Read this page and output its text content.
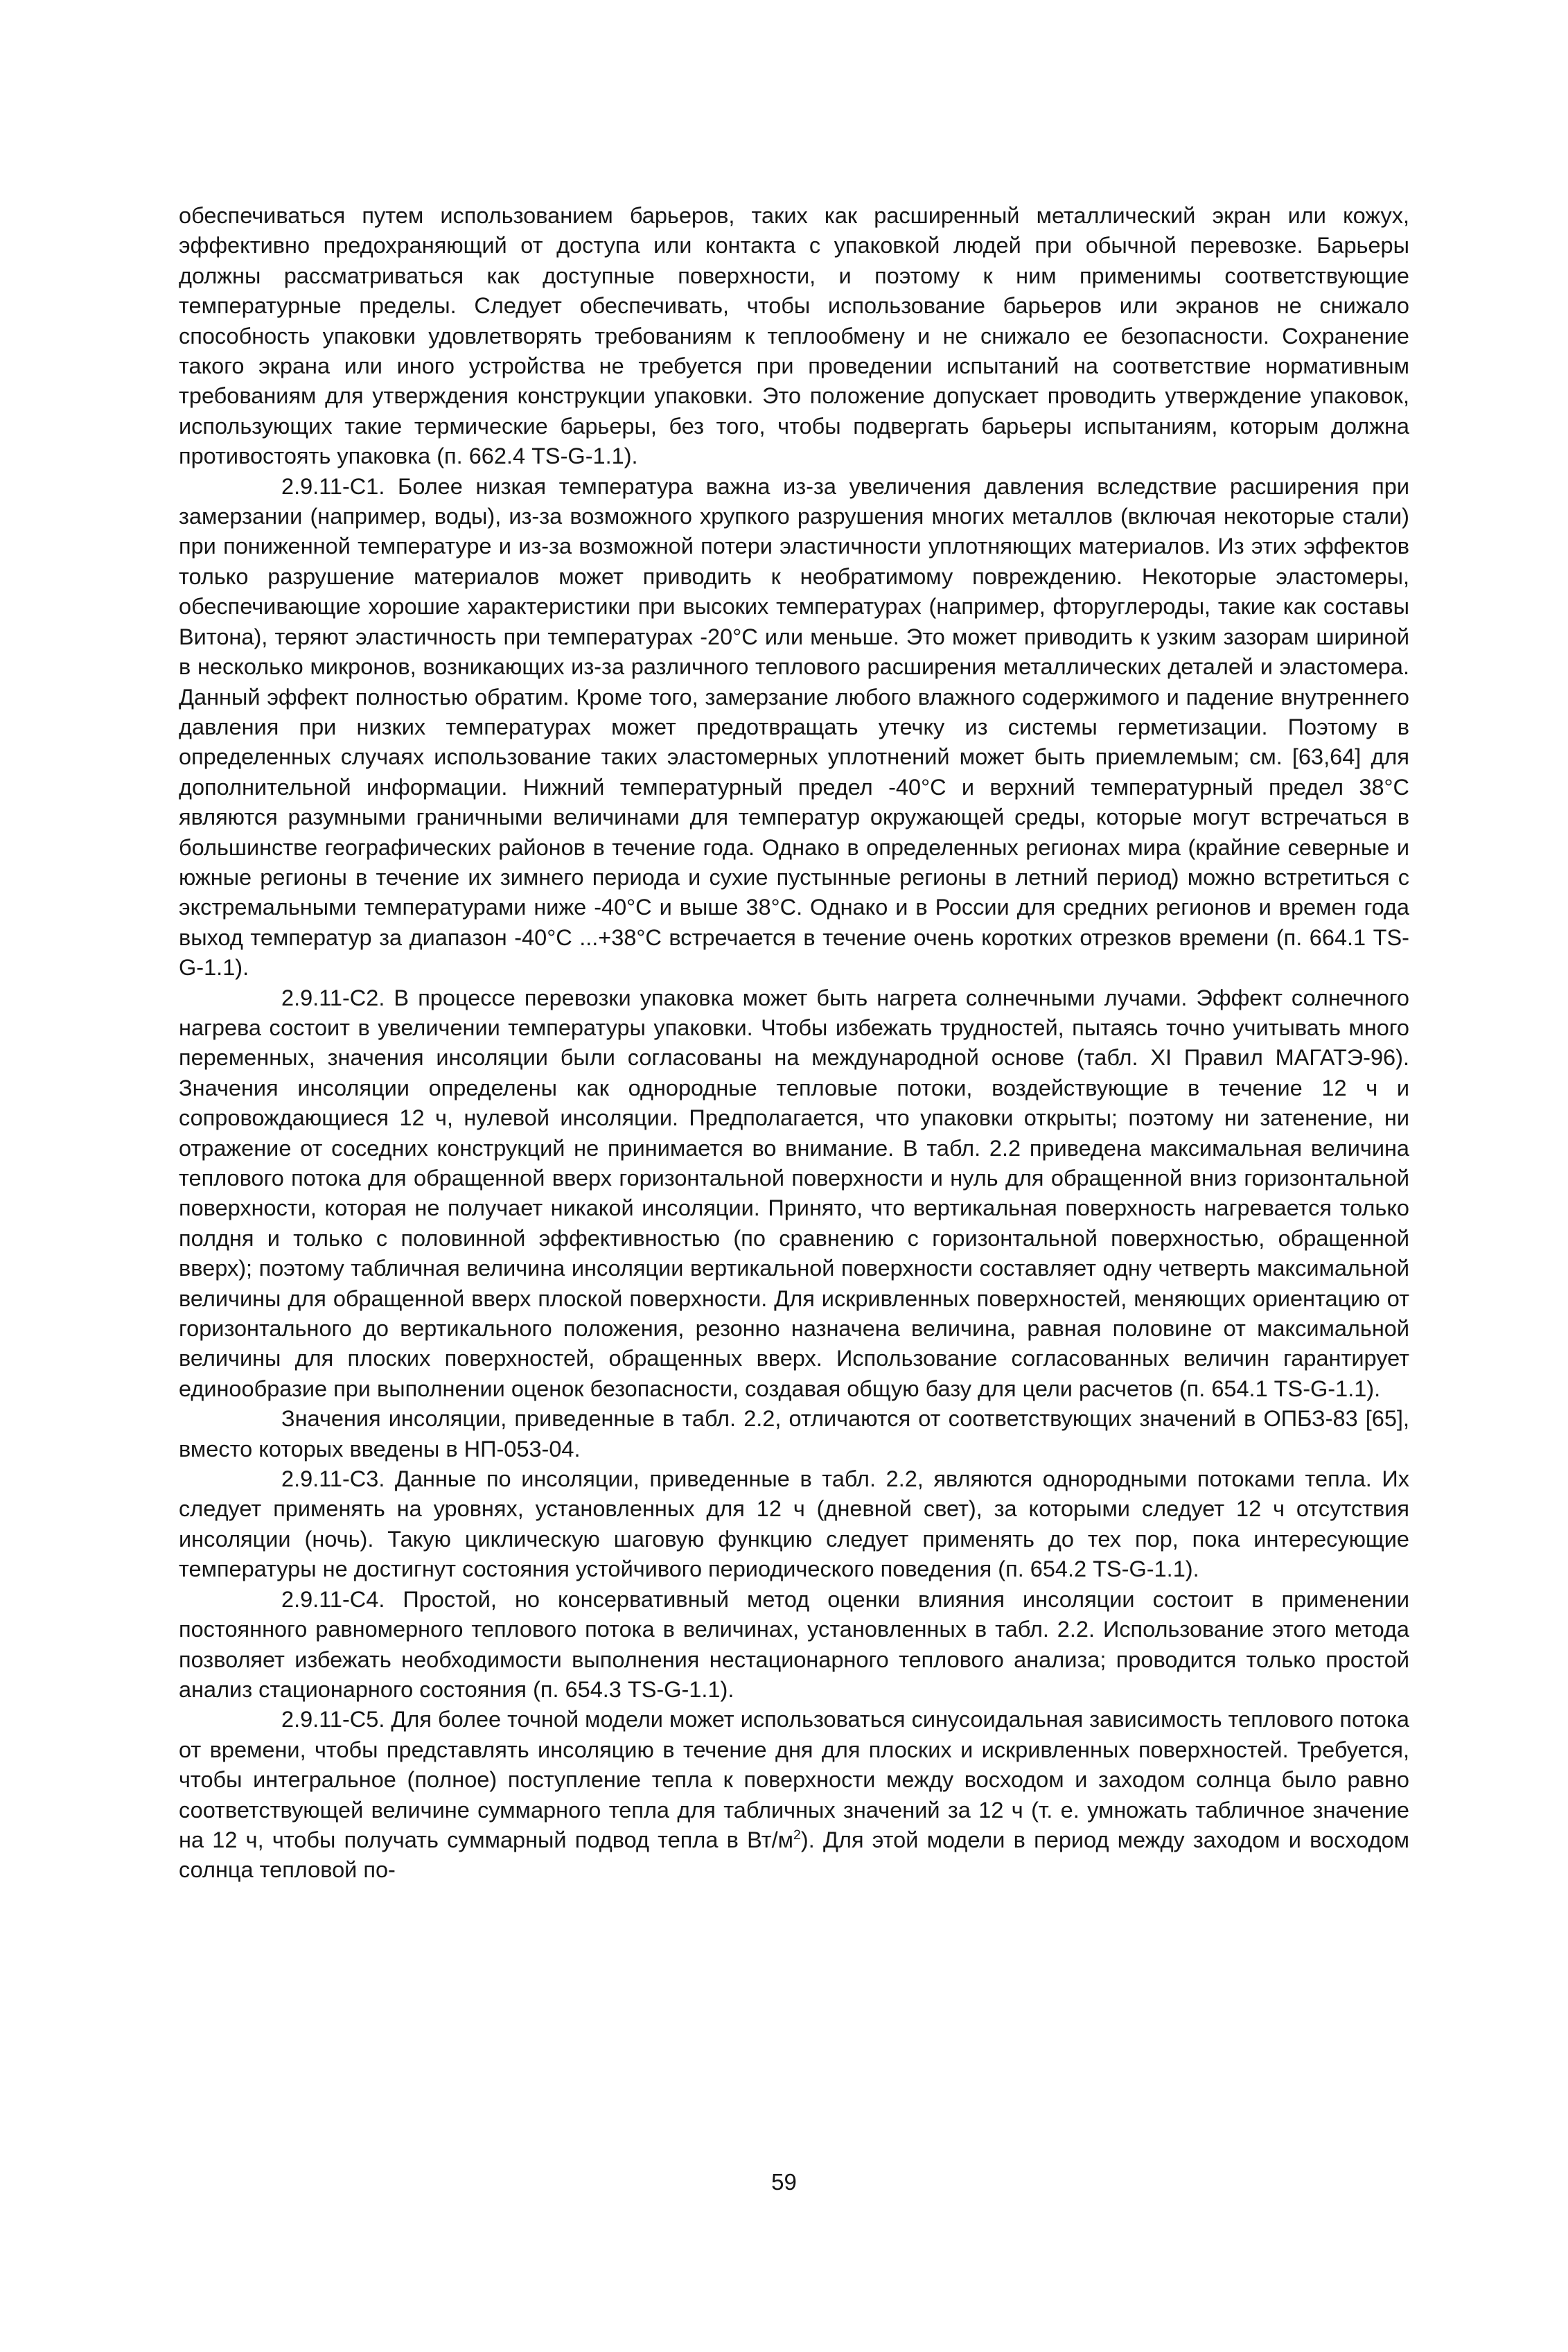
обеспечиваться путем использованием барьеров, таких как расширенный металлический экран или кожух, эффективно предохраняющий от доступа или контакта с упаковкой людей при обычной перевозке. Барьеры должны рассматриваться как доступные поверхности, и поэтому к ним применимы соответствующие температурные пределы. Следует обеспечивать, чтобы использование барьеров или экранов не снижало способность упаковки удовлетворять требованиям к теплообмену и не снижало ее безопасности. Сохранение такого экрана или иного устройства не требуется при проведении испытаний на соответствие нормативным требованиям для утверждения конструкции упаковки. Это положение допускает проводить утверждение упаковок, использующих такие термические барьеры, без того, чтобы подвергать барьеры испытаниям, которым должна противостоять упаковка (п. 662.4 TS-G-1.1).

2.9.11-С1. Более низкая температура важна из-за увеличения давления вследствие расширения при замерзании (например, воды), из-за возможного хрупкого разрушения многих металлов (включая некоторые стали) при пониженной температуре и из-за возможной потери эластичности уплотняющих материалов. Из этих эффектов только разрушение материалов может приводить к необратимому повреждению. Некоторые эластомеры, обеспечивающие хорошие характеристики при высоких температурах (например, фторуглероды, такие как составы Витона), теряют эластичность при температурах -20°С или меньше. Это может приводить к узким зазорам шириной в несколько микронов, возникающих из-за различного теплового расширения металлических деталей и эластомера. Данный эффект полностью обратим. Кроме того, замерзание любого влажного содержимого и падение внутреннего давления при низких температурах может предотвращать утечку из системы герметизации. Поэтому в определенных случаях использование таких эластомерных уплотнений может быть приемлемым; см. [63,64] для дополнительной информации. Нижний температурный предел -40°С и верхний температурный предел 38°С являются разумными граничными величинами для температур окружающей среды, которые могут встречаться в большинстве географических районов в течение года. Однако в определенных регионах мира (крайние северные и южные регионы в течение их зимнего периода и сухие пустынные регионы в летний период) можно встретиться с экстремальными температурами ниже -40°С и выше 38°С. Однако и в России для средних регионов и времен года выход температур за диапазон -40°С ...+38°С встречается в течение очень коротких отрезков времени (п. 664.1 TS-G-1.1).

2.9.11-С2. В процессе перевозки упаковка может быть нагрета солнечными лучами. Эффект солнечного нагрева состоит в увеличении температуры упаковки. Чтобы избежать трудностей, пытаясь точно учитывать много переменных, значения инсоляции были согласованы на международной основе (табл. XI Правил МАГАТЭ-96). Значения инсоляции определены как однородные тепловые потоки, воздействующие в течение 12 ч и сопровождающиеся 12 ч, нулевой инсоляции. Предполагается, что упаковки открыты; поэтому ни затенение, ни отражение от соседних конструкций не принимается во внимание. В табл. 2.2 приведена максимальная величина теплового потока для обращенной вверх горизонтальной поверхности и нуль для обращенной вниз горизонтальной поверхности, которая не получает никакой инсоляции. Принято, что вертикальная поверхность нагревается только полдня и только с половинной эффективностью (по сравнению с горизонтальной поверхностью, обращенной вверх); поэтому табличная величина инсоляции вертикальной поверхности составляет одну четверть максимальной величины для обращенной вверх плоской поверхности. Для искривленных поверхностей, меняющих ориентацию от горизонтального до вертикального положения, резонно назначена величина, равная половине от максимальной величины для плоских поверхностей, обращенных вверх. Использование согласованных величин гарантирует единообразие при выполнении оценок безопасности, создавая общую базу для цели расчетов (п. 654.1 TS-G-1.1).

Значения инсоляции, приведенные в табл. 2.2, отличаются от соответствующих значений в ОПБЗ-83 [65], вместо которых введены в НП-053-04.

2.9.11-С3. Данные по инсоляции, приведенные в табл. 2.2, являются однородными потоками тепла. Их следует применять на уровнях, установленных для 12 ч (дневной свет), за которыми следует 12 ч отсутствия инсоляции (ночь). Такую циклическую шаговую функцию следует применять до тех пор, пока интересующие температуры не достигнут состояния устойчивого периодического поведения (п. 654.2 TS-G-1.1).

2.9.11-С4. Простой, но консервативный метод оценки влияния инсоляции состоит в применении постоянного равномерного теплового потока в величинах, установленных в табл. 2.2. Использование этого метода позволяет избежать необходимости выполнения нестационарного теплового анализа; проводится только простой анализ стационарного состояния (п. 654.3 TS-G-1.1).

2.9.11-С5. Для более точной модели может использоваться синусоидальная зависимость теплового потока от времени, чтобы представлять инсоляцию в течение дня для плоских и искривленных поверхностей. Требуется, чтобы интегральное (полное) поступление тепла к поверхности между восходом и заходом солнца было равно соответствующей величине суммарного тепла для табличных значений за 12 ч (т. е. умножать табличное значение на 12 ч, чтобы получать суммарный подвод тепла в $Вт/м^2$). Для этой модели в период между заходом и восходом солнца тепловой по-

59
